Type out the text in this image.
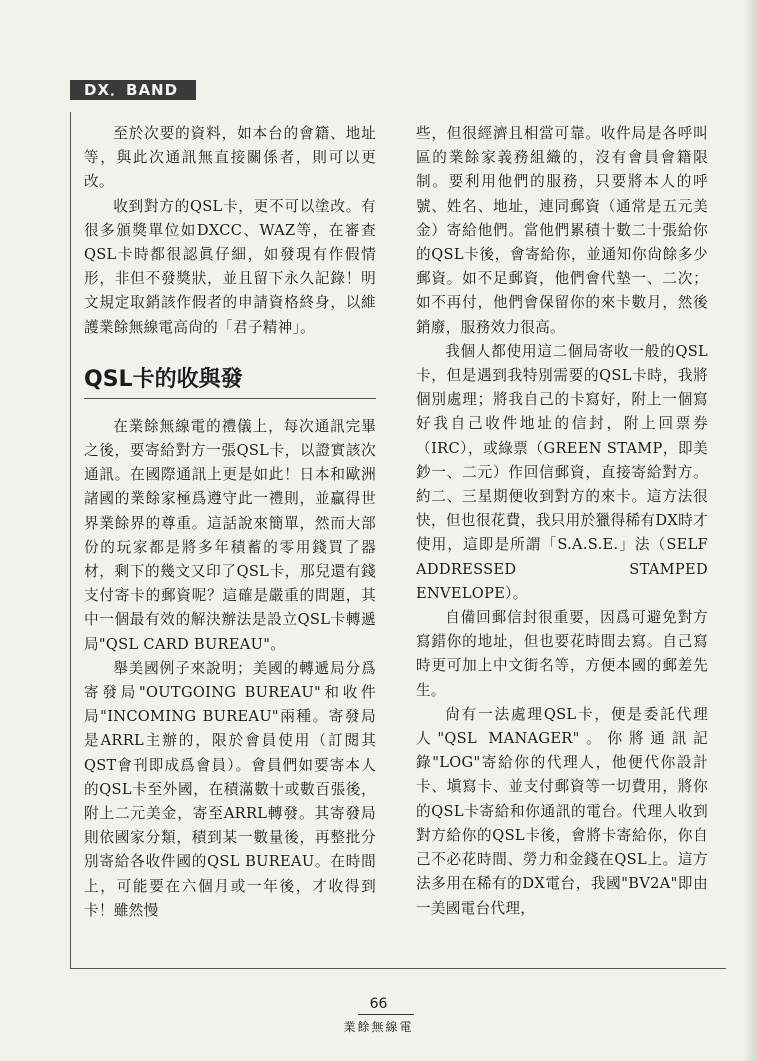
DX．BAND

至於次要的資料，如本台的會籍、地址等，與此次通訊無直接關係者，則可以更改。

收到對方的QSL卡，更不可以塗改。有很多頒獎單位如DXCC、WAZ等，在審查QSL卡時都很認眞仔細，如發現有作假情形，非但不發獎狀，並且留下永久記錄！明文規定取銷該作假者的申請資格終身，以維護業餘無線電高尙的「君子精神」。

QSL卡的收與發

在業餘無線電的禮儀上，每次通訊完畢之後，要寄給對方一張QSL卡，以證實該次通訊。在國際通訊上更是如此！日本和歐洲諸國的業餘家極爲遵守此一禮則，並贏得世界業餘界的尊重。這話說來簡單，然而大部份的玩家都是將多年積蓄的零用錢買了器材，剩下的幾文又印了QSL卡，那兒還有錢支付寄卡的郵資呢？這確是嚴重的問題，其中一個最有效的解決辦法是設立QSL卡轉遞局"QSL CARD BUREAU"。

舉美國例子來說明；美國的轉遞局分爲寄發局"OUTGOING BUREAU"和收件局"INCOMING BUREAU"兩種。寄發局是ARRL主辦的，限於會員使用（訂閱其QST會刊即成爲會員）。會員們如要寄本人的QSL卡至外國，在積滿數十或數百張後，附上二元美金，寄至ARRL轉發。其寄發局則依國家分類，積到某一數量後，再整批分別寄給各收件國的QSL BUREAU。在時間上，可能要在六個月或一年後，才收得到卡！雖然慢

些，但很經濟且相當可靠。收件局是各呼叫區的業餘家義務組織的，沒有會員會籍限制。要利用他們的服務，只要將本人的呼號、姓名、地址，連同郵資（通常是五元美金）寄給他們。當他們累積十數二十張給你的QSL卡後，會寄給你，並通知你尙餘多少郵資。如不足郵資，他們會代墊一、二次；如不再付，他們會保留你的來卡數月，然後銷廢，服務效力很高。

我個人都使用這二個局寄收一般的QSL卡，但是遇到我特別需要的QSL卡時，我將個別處理；將我自己的卡寫好，附上一個寫好我自己收件地址的信封，附上回票券（IRC），或綠票（GREEN STAMP，即美鈔一、二元）作回信郵資，直接寄給對方。約二、三星期便收到對方的來卡。這方法很快，但也很花費，我只用於獵得稀有DX時才使用，這即是所謂「S.A.S.E.」法（SELF ADDRESSED STAMPED ENVELOPE）。

自備回郵信封很重要，因爲可避免對方寫錯你的地址，但也要花時間去寫。自己寫時更可加上中文街名等，方便本國的郵差先生。

尙有一法處理QSL卡，便是委託代理人"QSL MANAGER"。你將通訊記錄"LOG"寄給你的代理人，他便代你設計卡、塡寫卡、並支付郵資等一切費用，將你的QSL卡寄給和你通訊的電台。代理人收到對方給你的QSL卡後，會將卡寄給你，你自己不必花時間、勞力和金錢在QSL上。這方法多用在稀有的DX電台，我國"BV2A"即由一美國電台代理，

66
業餘無線電
